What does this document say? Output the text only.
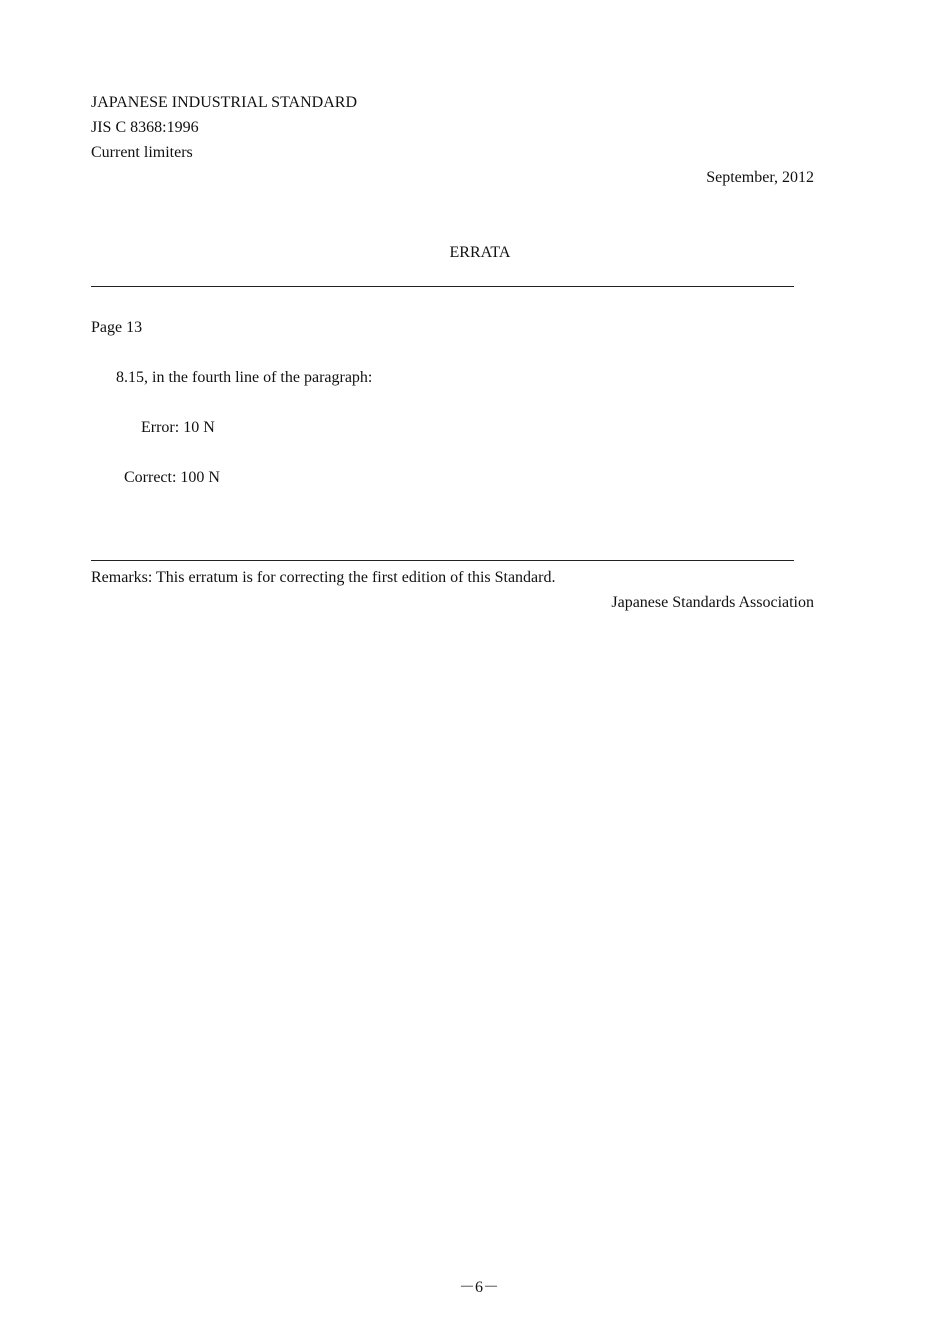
JAPANESE INDUSTRIAL STANDARD
JIS C 8368:1996
Current limiters
September, 2012
ERRATA
Page 13
8.15, in the fourth line of the paragraph:
Error: 10 N
Correct: 100 N
Remarks: This erratum is for correcting the first edition of this Standard.
Japanese Standards Association
－6－
